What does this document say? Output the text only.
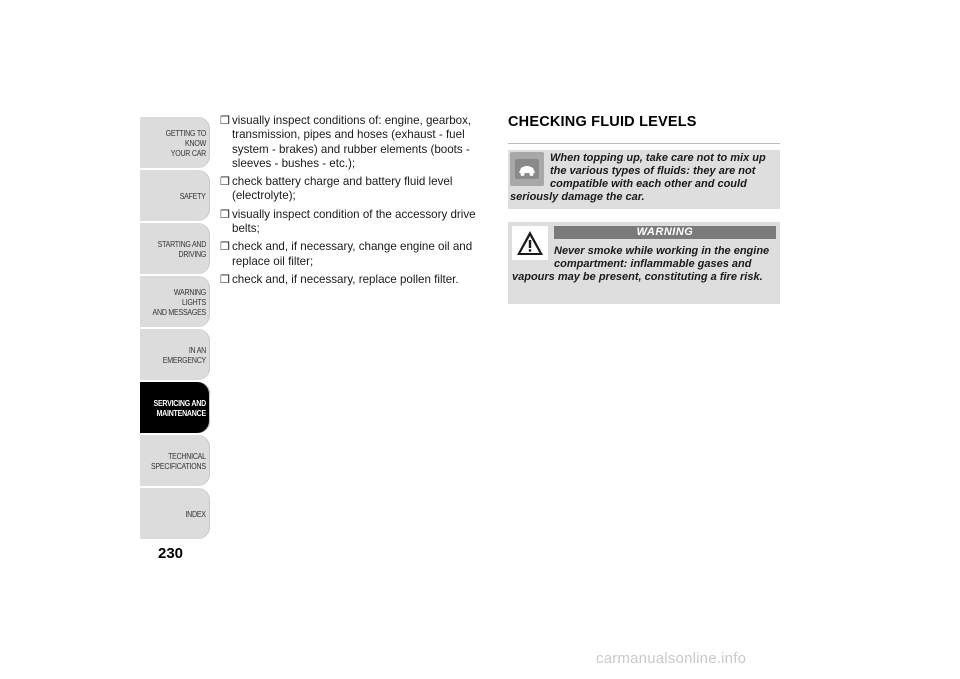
GETTING TO KNOW
YOUR CAR
SAFETY
STARTING AND
DRIVING
WARNING LIGHTS
AND MESSAGES
IN AN EMERGENCY
SERVICING AND
MAINTENANCE
TECHNICAL
SPECIFICATIONS
INDEX
230
❒ visually inspect conditions of: engine, gearbox, transmission, pipes and hoses (exhaust - fuel system - brakes) and rubber elements (boots - sleeves - bushes - etc.);
❒ check battery charge and battery fluid level (electrolyte);
❒ visually inspect condition of the accessory drive belts;
❒ check and, if necessary, change engine oil and replace oil filter;
❒ check and, if necessary, replace pollen filter.
CHECKING FLUID LEVELS
When topping up, take care not to mix up the various types of fluids: they are not compatible with each other and could seriously damage the car.
WARNING
Never smoke while working in the engine compartment: inflammable gases and vapours may be present, constituting a fire risk.
carmanualsonline.info
